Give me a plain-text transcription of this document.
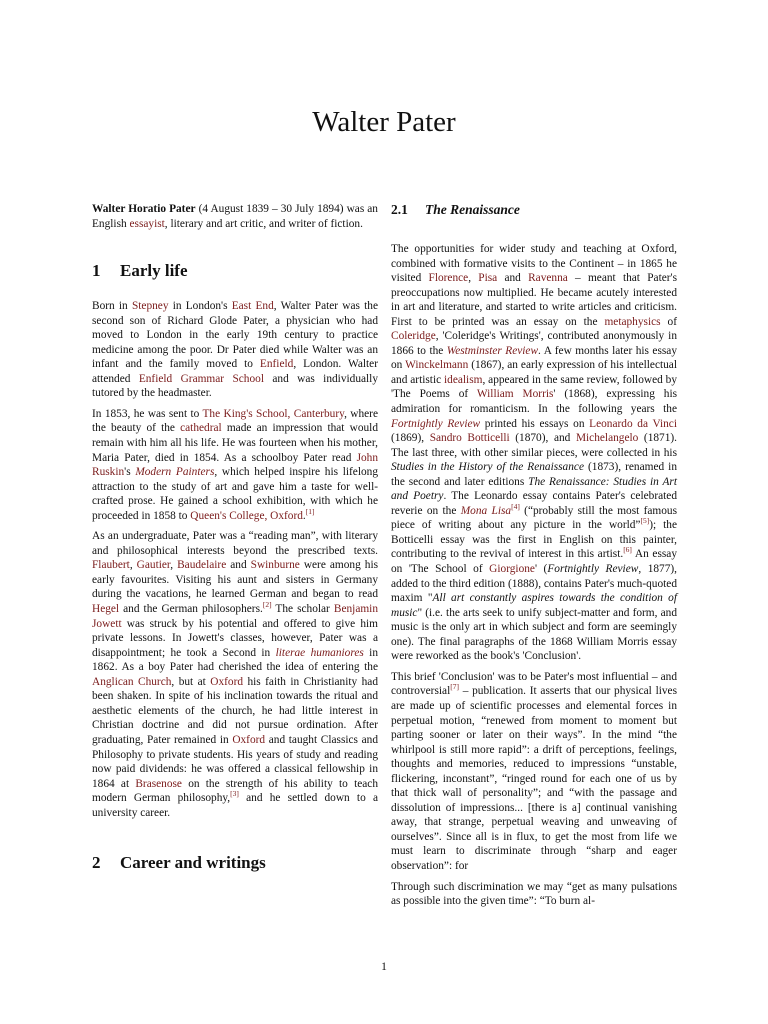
Walter Pater

Walter Horatio Pater (4 August 1839 – 30 July 1894) was an English essayist, literary and art critic, and writer of fiction.

1 Early life

Born in Stepney in London's East End, Walter Pater was the second son of Richard Glode Pater, a physician who had moved to London in the early 19th century to practice medicine among the poor. Dr Pater died while Walter was an infant and the family moved to Enfield, London. Walter attended Enfield Grammar School and was individually tutored by the headmaster.

In 1853, he was sent to The King's School, Canterbury, where the beauty of the cathedral made an impression that would remain with him all his life. He was fourteen when his mother, Maria Pater, died in 1854. As a schoolboy Pater read John Ruskin's Modern Painters, which helped inspire his lifelong attraction to the study of art and gave him a taste for well-crafted prose. He gained a school exhibition, with which he proceeded in 1858 to Queen's College, Oxford.[1]

As an undergraduate, Pater was a “reading man”, with literary and philosophical interests beyond the prescribed texts. Flaubert, Gautier, Baudelaire and Swinburne were among his early favourites. Visiting his aunt and sisters in Germany during the vacations, he learned German and began to read Hegel and the German philosophers.[2] The scholar Benjamin Jowett was struck by his potential and offered to give him private lessons. In Jowett's classes, however, Pater was a disappointment; he took a Second in literae humaniores in 1862. As a boy Pater had cherished the idea of entering the Anglican Church, but at Oxford his faith in Christianity had been shaken. In spite of his inclination towards the ritual and aesthetic elements of the church, he had little interest in Christian doctrine and did not pursue ordination. After graduating, Pater remained in Oxford and taught Classics and Philosophy to private students. His years of study and reading now paid dividends: he was offered a classical fellowship in 1864 at Brasenose on the strength of his ability to teach modern German philosophy,[3] and he settled down to a university career.

2 Career and writings
2.1 The Renaissance

The opportunities for wider study and teaching at Oxford, combined with formative visits to the Continent – in 1865 he visited Florence, Pisa and Ravenna – meant that Pater's preoccupations now multiplied. He became acutely interested in art and literature, and started to write articles and criticism. First to be printed was an essay on the metaphysics of Coleridge, 'Coleridge's Writings', contributed anonymously in 1866 to the Westminster Review. A few months later his essay on Winckelmann (1867), an early expression of his intellectual and artistic idealism, appeared in the same review, followed by 'The Poems of William Morris' (1868), expressing his admiration for romanticism. In the following years the Fortnightly Review printed his essays on Leonardo da Vinci (1869), Sandro Botticelli (1870), and Michelangelo (1871). The last three, with other similar pieces, were collected in his Studies in the History of the Renaissance (1873), renamed in the second and later editions The Renaissance: Studies in Art and Poetry. The Leonardo essay contains Pater's celebrated reverie on the Mona Lisa[4] (“probably still the most famous piece of writing about any picture in the world”[5]); the Botticelli essay was the first in English on this painter, contributing to the revival of interest in this artist.[6] An essay on 'The School of Giorgione' (Fortnightly Review, 1877), added to the third edition (1888), contains Pater's much-quoted maxim "All art constantly aspires towards the condition of music" (i.e. the arts seek to unify subject-matter and form, and music is the only art in which subject and form are seemingly one). The final paragraphs of the 1868 William Morris essay were reworked as the book's 'Conclusion'.

This brief 'Conclusion' was to be Pater's most influential – and controversial[7] – publication. It asserts that our physical lives are made up of scientific processes and elemental forces in perpetual motion, “renewed from moment to moment but parting sooner or later on their ways”. In the mind “the whirlpool is still more rapid”: a drift of perceptions, feelings, thoughts and memories, reduced to impressions “unstable, flickering, inconstant”, “ringed round for each one of us by that thick wall of personality”; and “with the passage and dissolution of impressions... [there is a] continual vanishing away, that strange, perpetual weaving and unweaving of ourselves”. Since all is in flux, to get the most from life we must learn to discriminate through “sharp and eager observation”: for

Through such discrimination we may “get as many pulsations as possible into the given time”: “To burn al-

1
